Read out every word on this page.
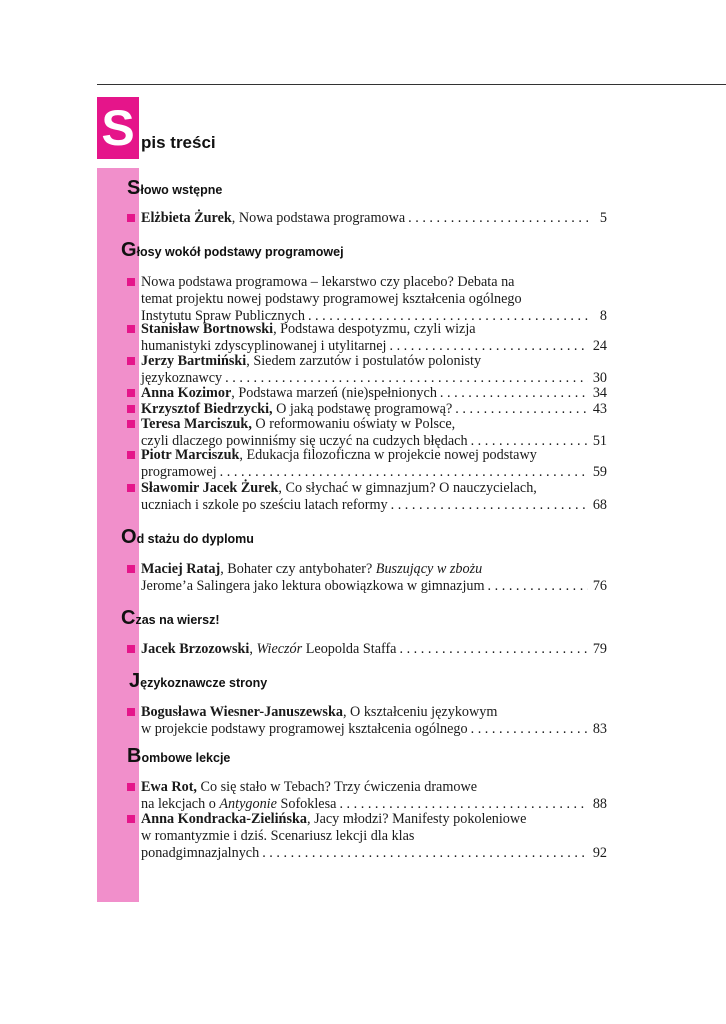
S pis treści
Słowo wstępne
Głosy wokół podstawy programowej
Od stażu do dyplomu
Czas na wiersz!
Językoznawcze strony
Bombowe lekcje
Elżbieta Żurek, Nowa podstawa programowa . . .	5
Nowa podstawa programowa – lekarstwo czy placebo? Debata na
temat projektu nowej podstawy programowej kształcenia ogólnego
Instytutu Spraw Publicznych . . .	8
Stanisław Bortnowski, Podstawa despotyzmu, czyli wizja
humanistyki zdyscyplinowanej i utylitarnej . . .	24
Jerzy Bartmiński, Siedem zarzutów i postulatów polonisty
językoznawcy . . .	30
Anna Kozimor, Podstawa marzeń (nie)spełnionych . . .	34
Krzysztof Biedrzycki, O jaką podstawę programową? . . .	43
Teresa Marciszuk, O reformowaniu oświaty w Polsce,
czyli dlaczego powinniśmy się uczyć na cudzych błędach . . .	51
Piotr Marciszuk, Edukacja filozoficzna w projekcie nowej podstawy
programowej . . .	59
Sławomir Jacek Żurek, Co słychać w gimnazjum? O nauczycielach,
uczniach i szkole po sześciu latach reformy . . .	68
Maciej Rataj, Bohater czy antybohater? Buszujący w zbożu
Jerome’a Salingera jako lektura obowiązkowa w gimnazjum . . .	76
Jacek Brzozowski, Wieczór Leopolda Staffa . . .	79
Bogusława Wiesner-Januszewska, O kształceniu językowym
w projekcie podstawy programowej kształcenia ogólnego . . .	83
Ewa Rot, Co się stało w Tebach? Trzy ćwiczenia dramowe
na lekcjach o Antygonie Sofoklesa . . .	88
Anna Kondracka-Zielińska, Jacy młodzi? Manifesty pokoleniowe
w romantyzmie i dziś. Scenariusz lekcji dla klas
ponadgimnazjalnych . . .	92
